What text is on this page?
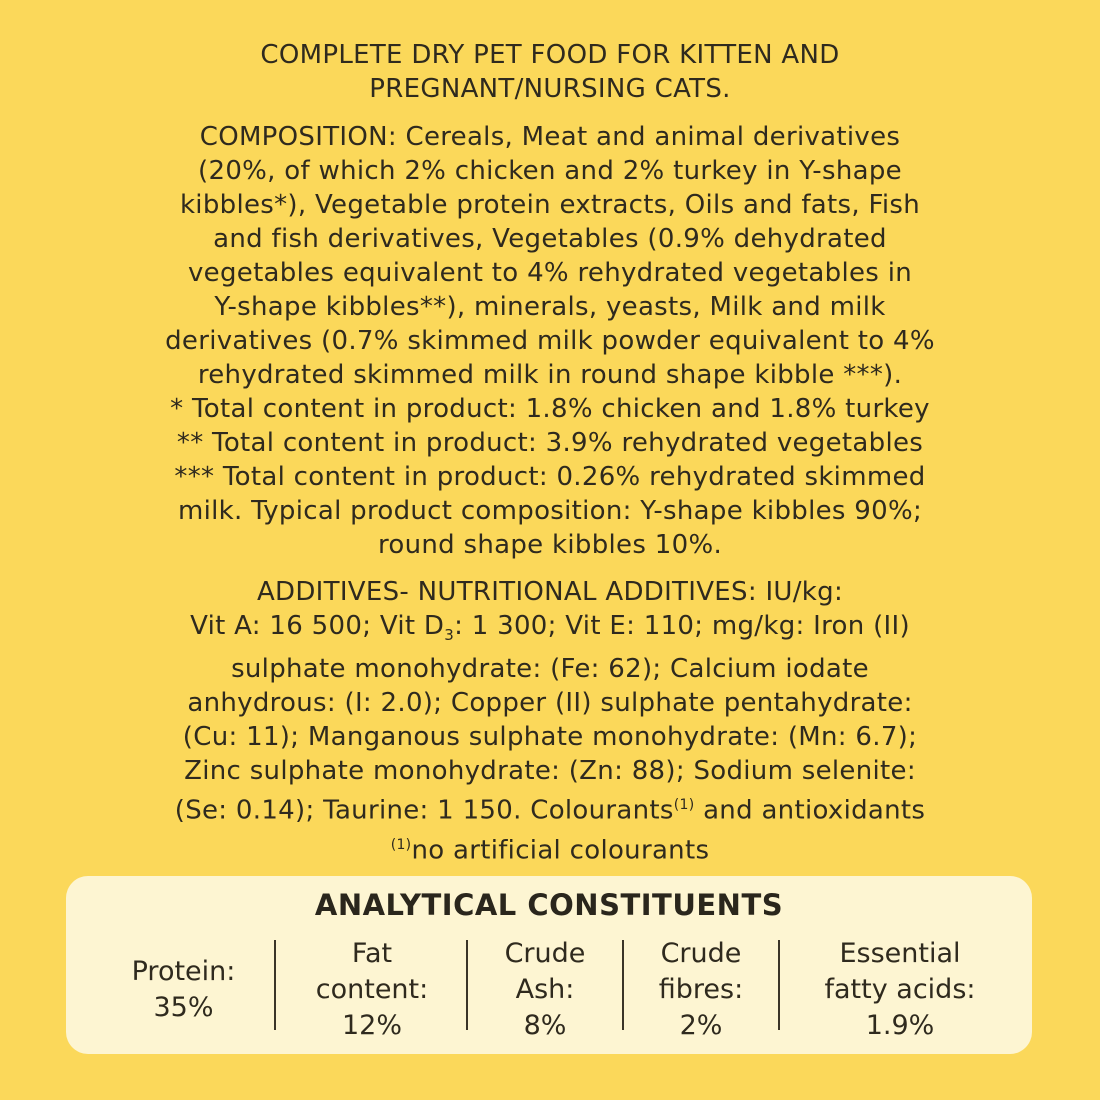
COMPLETE DRY PET FOOD FOR KITTEN AND
PREGNANT/NURSING CATS.
COMPOSITION: Cereals, Meat and animal derivatives
(20%, of which 2% chicken and 2% turkey in Y-shape
kibbles*), Vegetable protein extracts, Oils and fats, Fish
and fish derivatives, Vegetables (0.9% dehydrated
vegetables equivalent to 4% rehydrated vegetables in
Y-shape kibbles**), minerals, yeasts, Milk and milk
derivatives (0.7% skimmed milk powder equivalent to 4%
rehydrated skimmed milk in round shape kibble ***).
* Total content in product: 1.8% chicken and 1.8% turkey
** Total content in product: 3.9% rehydrated vegetables
*** Total content in product: 0.26% rehydrated skimmed
milk. Typical product composition: Y-shape kibbles 90%;
round shape kibbles 10%.
ADDITIVES- NUTRITIONAL ADDITIVES: IU/kg:
Vit A: 16 500; Vit $D_3$: 1 300; Vit E: 110; mg/kg: Iron (II)
sulphate monohydrate: (Fe: 62); Calcium iodate
anhydrous: (I: 2.0); Copper (II) sulphate pentahydrate:
(Cu: 11); Manganous sulphate monohydrate: (Mn: 6.7);
Zinc sulphate monohydrate: (Zn: 88); Sodium selenite:
(Se: 0.14); Taurine: 1 150. Colourants$^{(1)}$ and antioxidants
$^{(1)}$no artificial colourants
ANALYTICAL CONSTITUENTS
Protein:
35%
Fat
content:
12%
Crude
Ash:
8%
Crude
fibres:
2%
Essential
fatty acids:
1.9%
